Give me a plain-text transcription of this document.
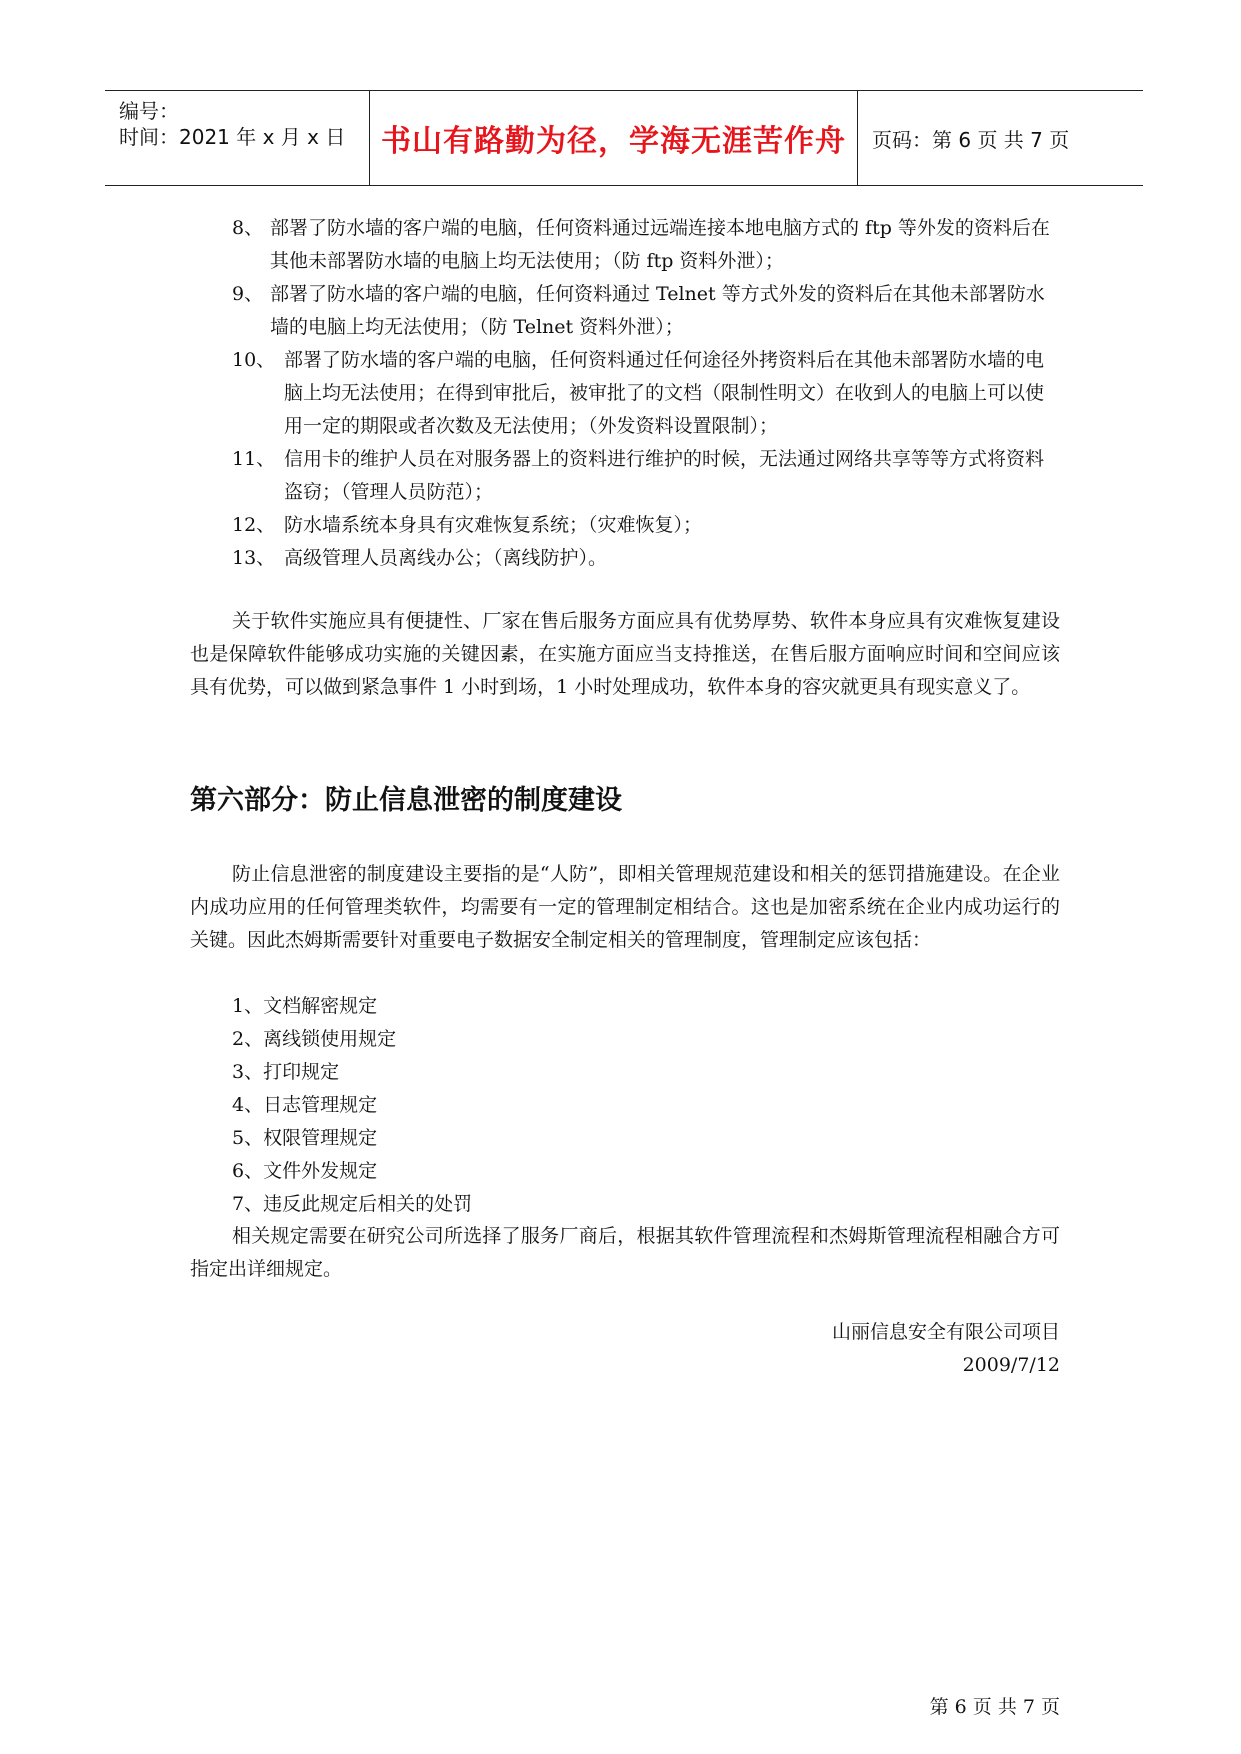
编号：
时间：2021 年 x 月 x 日 书山有路勤为径，学海无涯苦作舟 页码：第 6 页 共 7 页
8、 部署了防水墙的客户端的电脑，任何资料通过远端连接本地电脑方式的 ftp 等外发的资料后在其他未部署防水墙的电脑上均无法使用；（防 ftp 资料外泄）；
9、 部署了防水墙的客户端的电脑，任何资料通过 Telnet 等方式外发的资料后在其他未部署防水墙的电脑上均无法使用；（防 Telnet 资料外泄）；
10、 部署了防水墙的客户端的电脑，任何资料通过任何途径外拷资料后在其他未部署防水墙的电脑上均无法使用；在得到审批后，被审批了的文档（限制性明文）在收到人的电脑上可以使用一定的期限或者次数及无法使用；（外发资料设置限制）；
11、 信用卡的维护人员在对服务器上的资料进行维护的时候，无法通过网络共享等等方式将资料盗窃；（管理人员防范）；
12、 防水墙系统本身具有灾难恢复系统；（灾难恢复）；
13、 高级管理人员离线办公；（离线防护）。
关于软件实施应具有便捷性、厂家在售后服务方面应具有优势厚势、软件本身应具有灾难恢复建设也是保障软件能够成功实施的关键因素，在实施方面应当支持推送，在售后服方面响应时间和空间应该具有优势，可以做到紧急事件 1 小时到场，1 小时处理成功，软件本身的容灾就更具有现实意义了。
第六部分：防止信息泄密的制度建设
防止信息泄密的制度建设主要指的是“人防”，即相关管理规范建设和相关的惩罚措施建设。在企业内成功应用的任何管理类软件，均需要有一定的管理制定相结合。这也是加密系统在企业内成功运行的关键。因此杰姆斯需要针对重要电子数据安全制定相关的管理制度，管理制定应该包括：
1、文档解密规定
2、离线锁使用规定
3、打印规定
4、日志管理规定
5、权限管理规定
6、文件外发规定
7、违反此规定后相关的处罚
相关规定需要在研究公司所选择了服务厂商后，根据其软件管理流程和杰姆斯管理流程相融合方可指定出详细规定。
山丽信息安全有限公司项目
2009/7/12
第 6 页 共 7 页
